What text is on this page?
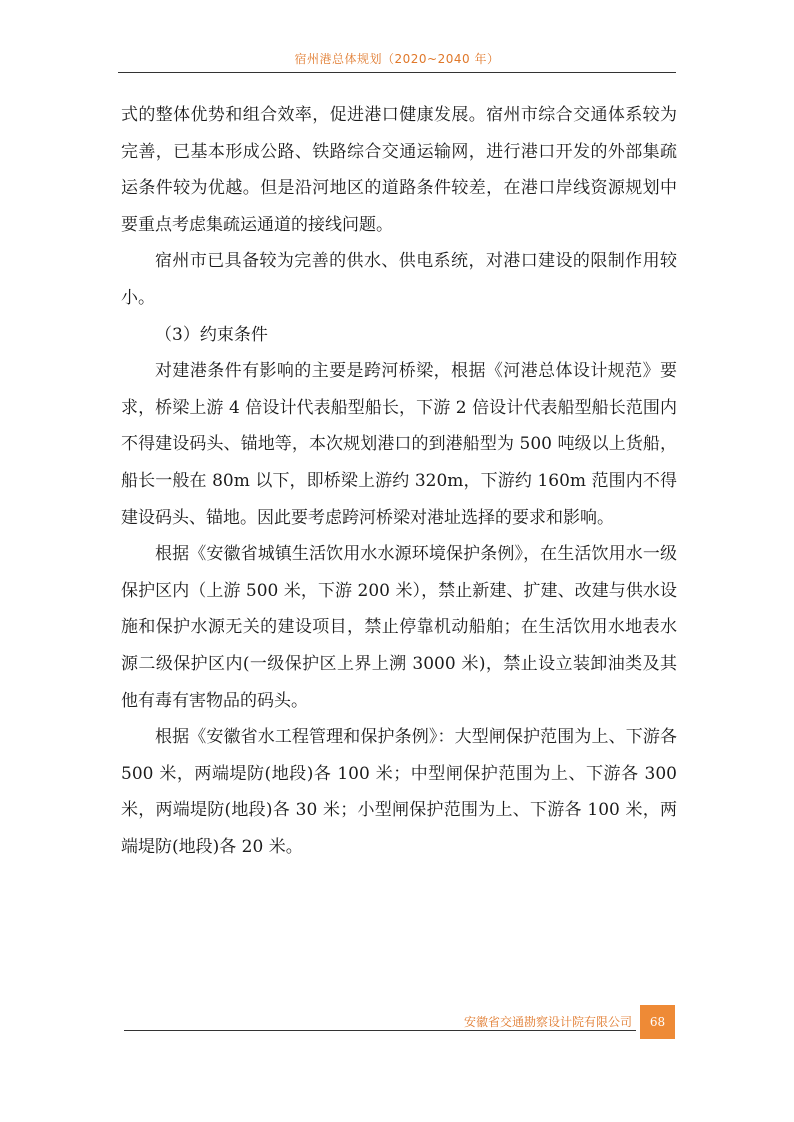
宿州港总体规划（2020~2040 年）

式的整体优势和组合效率，促进港口健康发展。宿州市综合交通体系较为完善，已基本形成公路、铁路综合交通运输网，进行港口开发的外部集疏运条件较为优越。但是沿河地区的道路条件较差，在港口岸线资源规划中要重点考虑集疏运通道的接线问题。

宿州市已具备较为完善的供水、供电系统，对港口建设的限制作用较小。

（3）约束条件

对建港条件有影响的主要是跨河桥梁，根据《河港总体设计规范》要求，桥梁上游 4 倍设计代表船型船长，下游 2 倍设计代表船型船长范围内不得建设码头、锚地等，本次规划港口的到港船型为 500 吨级以上货船，船长一般在 80m 以下，即桥梁上游约 320m，下游约 160m 范围内不得建设码头、锚地。因此要考虑跨河桥梁对港址选择的要求和影响。

根据《安徽省城镇生活饮用水水源环境保护条例》，在生活饮用水一级保护区内（上游 500 米，下游 200 米），禁止新建、扩建、改建与供水设施和保护水源无关的建设项目，禁止停靠机动船舶；在生活饮用水地表水源二级保护区内(一级保护区上界上溯 3000 米)，禁止设立装卸油类及其他有毒有害物品的码头。

根据《安徽省水工程管理和保护条例》：大型闸保护范围为上、下游各 500 米，两端堤防(地段)各 100 米；中型闸保护范围为上、下游各 300 米，两端堤防(地段)各 30 米；小型闸保护范围为上、下游各 100 米，两端堤防(地段)各 20 米。

安徽省交通勘察设计院有限公司	68
